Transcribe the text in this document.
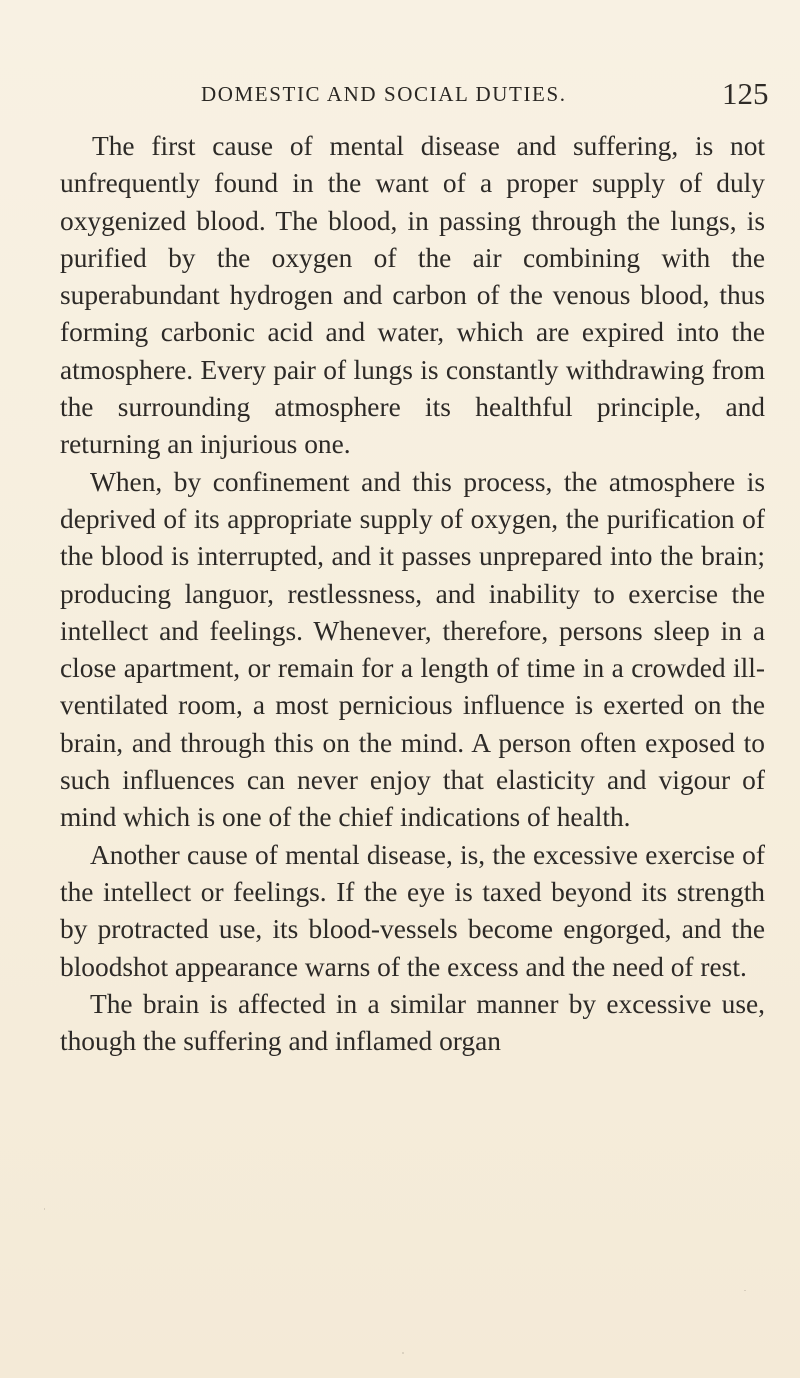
DOMESTIC AND SOCIAL DUTIES.	125

The first cause of mental disease and suffering, is not unfrequently found in the want of a proper supply of duly oxygenized blood. The blood, in passing through the lungs, is purified by the oxygen of the air combining with the superabundant hydrogen and carbon of the venous blood, thus forming carbonic acid and water, which are expired into the atmosphere. Every pair of lungs is constantly withdrawing from the surrounding atmosphere its healthful principle, and returning an injurious one.

When, by confinement and this process, the atmosphere is deprived of its appropriate supply of oxygen, the purification of the blood is interrupted, and it passes unprepared into the brain; producing languor, restlessness, and inability to exercise the intellect and feelings. Whenever, therefore, persons sleep in a close apartment, or remain for a length of time in a crowded ill-ventilated room, a most pernicious influence is exerted on the brain, and through this on the mind. A person often exposed to such influences can never enjoy that elasticity and vigour of mind which is one of the chief indications of health.

Another cause of mental disease, is, the excessive exercise of the intellect or feelings. If the eye is taxed beyond its strength by protracted use, its blood-vessels become engorged, and the bloodshot appearance warns of the excess and the need of rest.

The brain is affected in a similar manner by excessive use, though the suffering and inflamed organ
